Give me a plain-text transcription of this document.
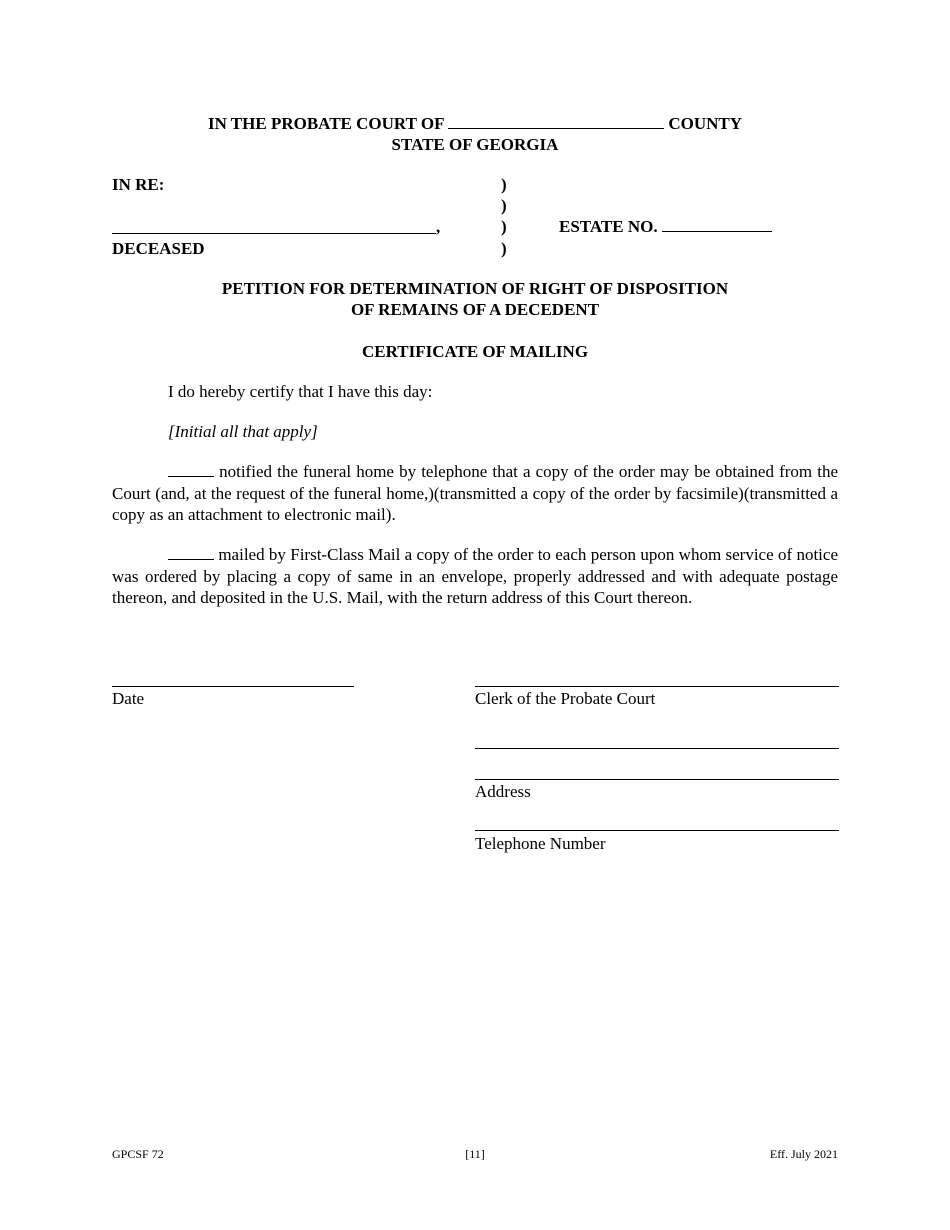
IN THE PROBATE COURT OF	COUNTY
STATE OF GEORGIA
IN RE:
,
DECEASED
)
)
)
)
ESTATE NO.
PETITION FOR DETERMINATION OF RIGHT OF DISPOSITION
OF REMAINS OF A DECEDENT
CERTIFICATE OF MAILING
I do hereby certify that I have this day:
[Initial all that apply]
notified the funeral home by telephone that a copy of the order may be obtained from the Court (and, at the request of the funeral home,)(transmitted a copy of the order by facsimile)(transmitted a copy as an attachment to electronic mail).
mailed by First-Class Mail a copy of the order to each person upon whom service of notice was ordered by placing a copy of same in an envelope, properly addressed and with adequate postage thereon, and deposited in the U.S. Mail, with the return address of this Court thereon.
Date	Clerk of the Probate Court
Address
Telephone Number
GPCSF 72	[11]	Eff. July 2021
